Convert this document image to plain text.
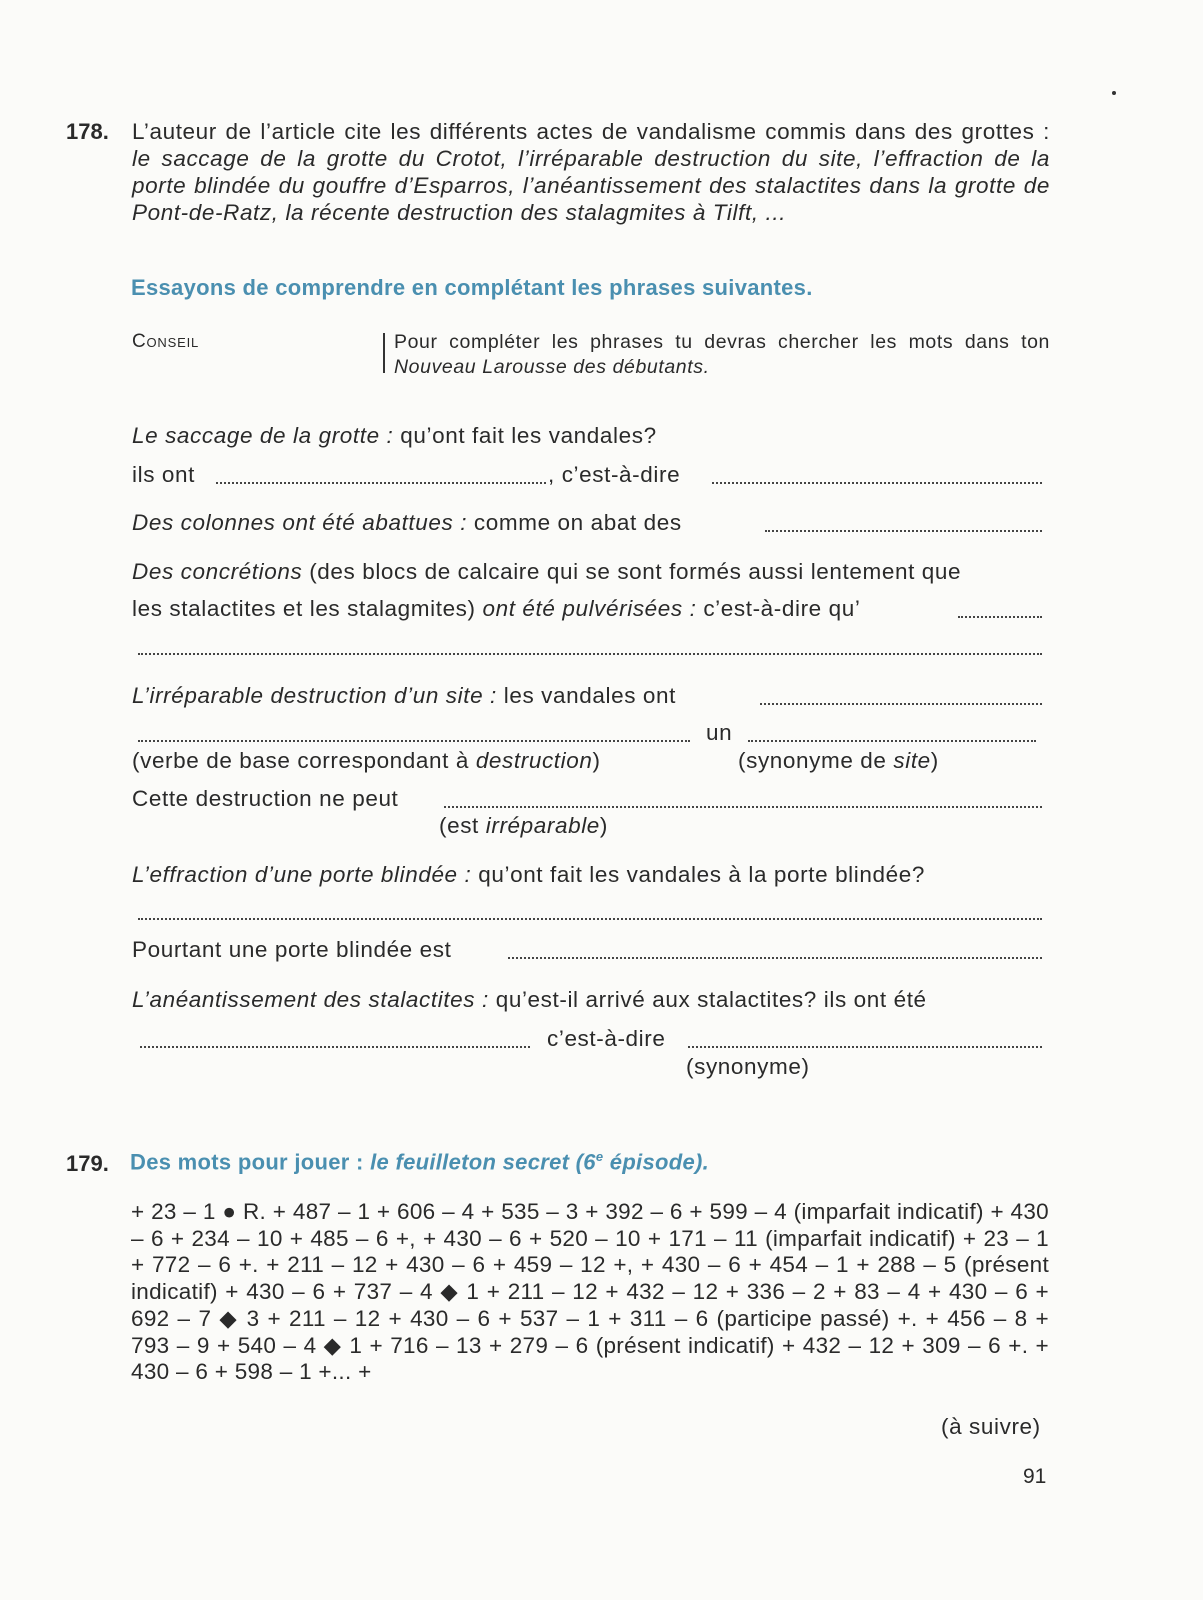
178. L’auteur de l’article cite les différents actes de vandalisme commis dans des grottes : le saccage de la grotte du Crotot, l’irréparable destruction du site, l’effraction de la porte blindée du gouffre d’Esparros, l’anéantissement des stalactites dans la grotte de Pont-de-Ratz, la récente destruction des stalagmites à Tilft, ...
Essayons de comprendre en complétant les phrases suivantes.
Conseil	Pour compléter les phrases tu devras chercher les mots dans ton Nouveau Larousse des débutants.
Le saccage de la grotte : qu’ont fait les vandales?
ils ont	, c’est-à-dire
Des colonnes ont été abattues : comme on abat des
Des concrétions (des blocs de calcaire qui se sont formés aussi lentement que
les stalactites et les stalagmites) ont été pulvérisées : c’est-à-dire qu’
L’irréparable destruction d’un site : les vandales ont
un
(verbe de base correspondant à destruction)	(synonyme de site)
Cette destruction ne peut
(est irréparable)
L’effraction d’une porte blindée : qu’ont fait les vandales à la porte blindée?
Pourtant une porte blindée est
L’anéantissement des stalactites : qu’est-il arrivé aux stalactites? ils ont été
c’est-à-dire
(synonyme)
179. Des mots pour jouer : le feuilleton secret (6e épisode).
+ 23 – 1 ● R. + 487 – 1 + 606 – 4 + 535 – 3 + 392 – 6 + 599 – 4 (imparfait indicatif) + 430 – 6 + 234 – 10 + 485 – 6 +, + 430 – 6 + 520 – 10 + 171 – 11 (imparfait indicatif) + 23 – 1 + 772 – 6 +. + 211 – 12 + 430 – 6 + 459 – 12 +, + 430 – 6 + 454 – 1 + 288 – 5 (présent indicatif) + 430 – 6 + 737 – 4 ◆ 1 + 211 – 12 + 432 – 12 + 336 – 2 + 83 – 4 + 430 – 6 + 692 – 7 ◆ 3 + 211 – 12 + 430 – 6 + 537 – 1 + 311 – 6 (participe passé) +. + 456 – 8 + 793 – 9 + 540 – 4 ◆ 1 + 716 – 13 + 279 – 6 (présent indicatif) + 432 – 12 + 309 – 6 +. + 430 – 6 + 598 – 1 +... +
(à suivre)
91
